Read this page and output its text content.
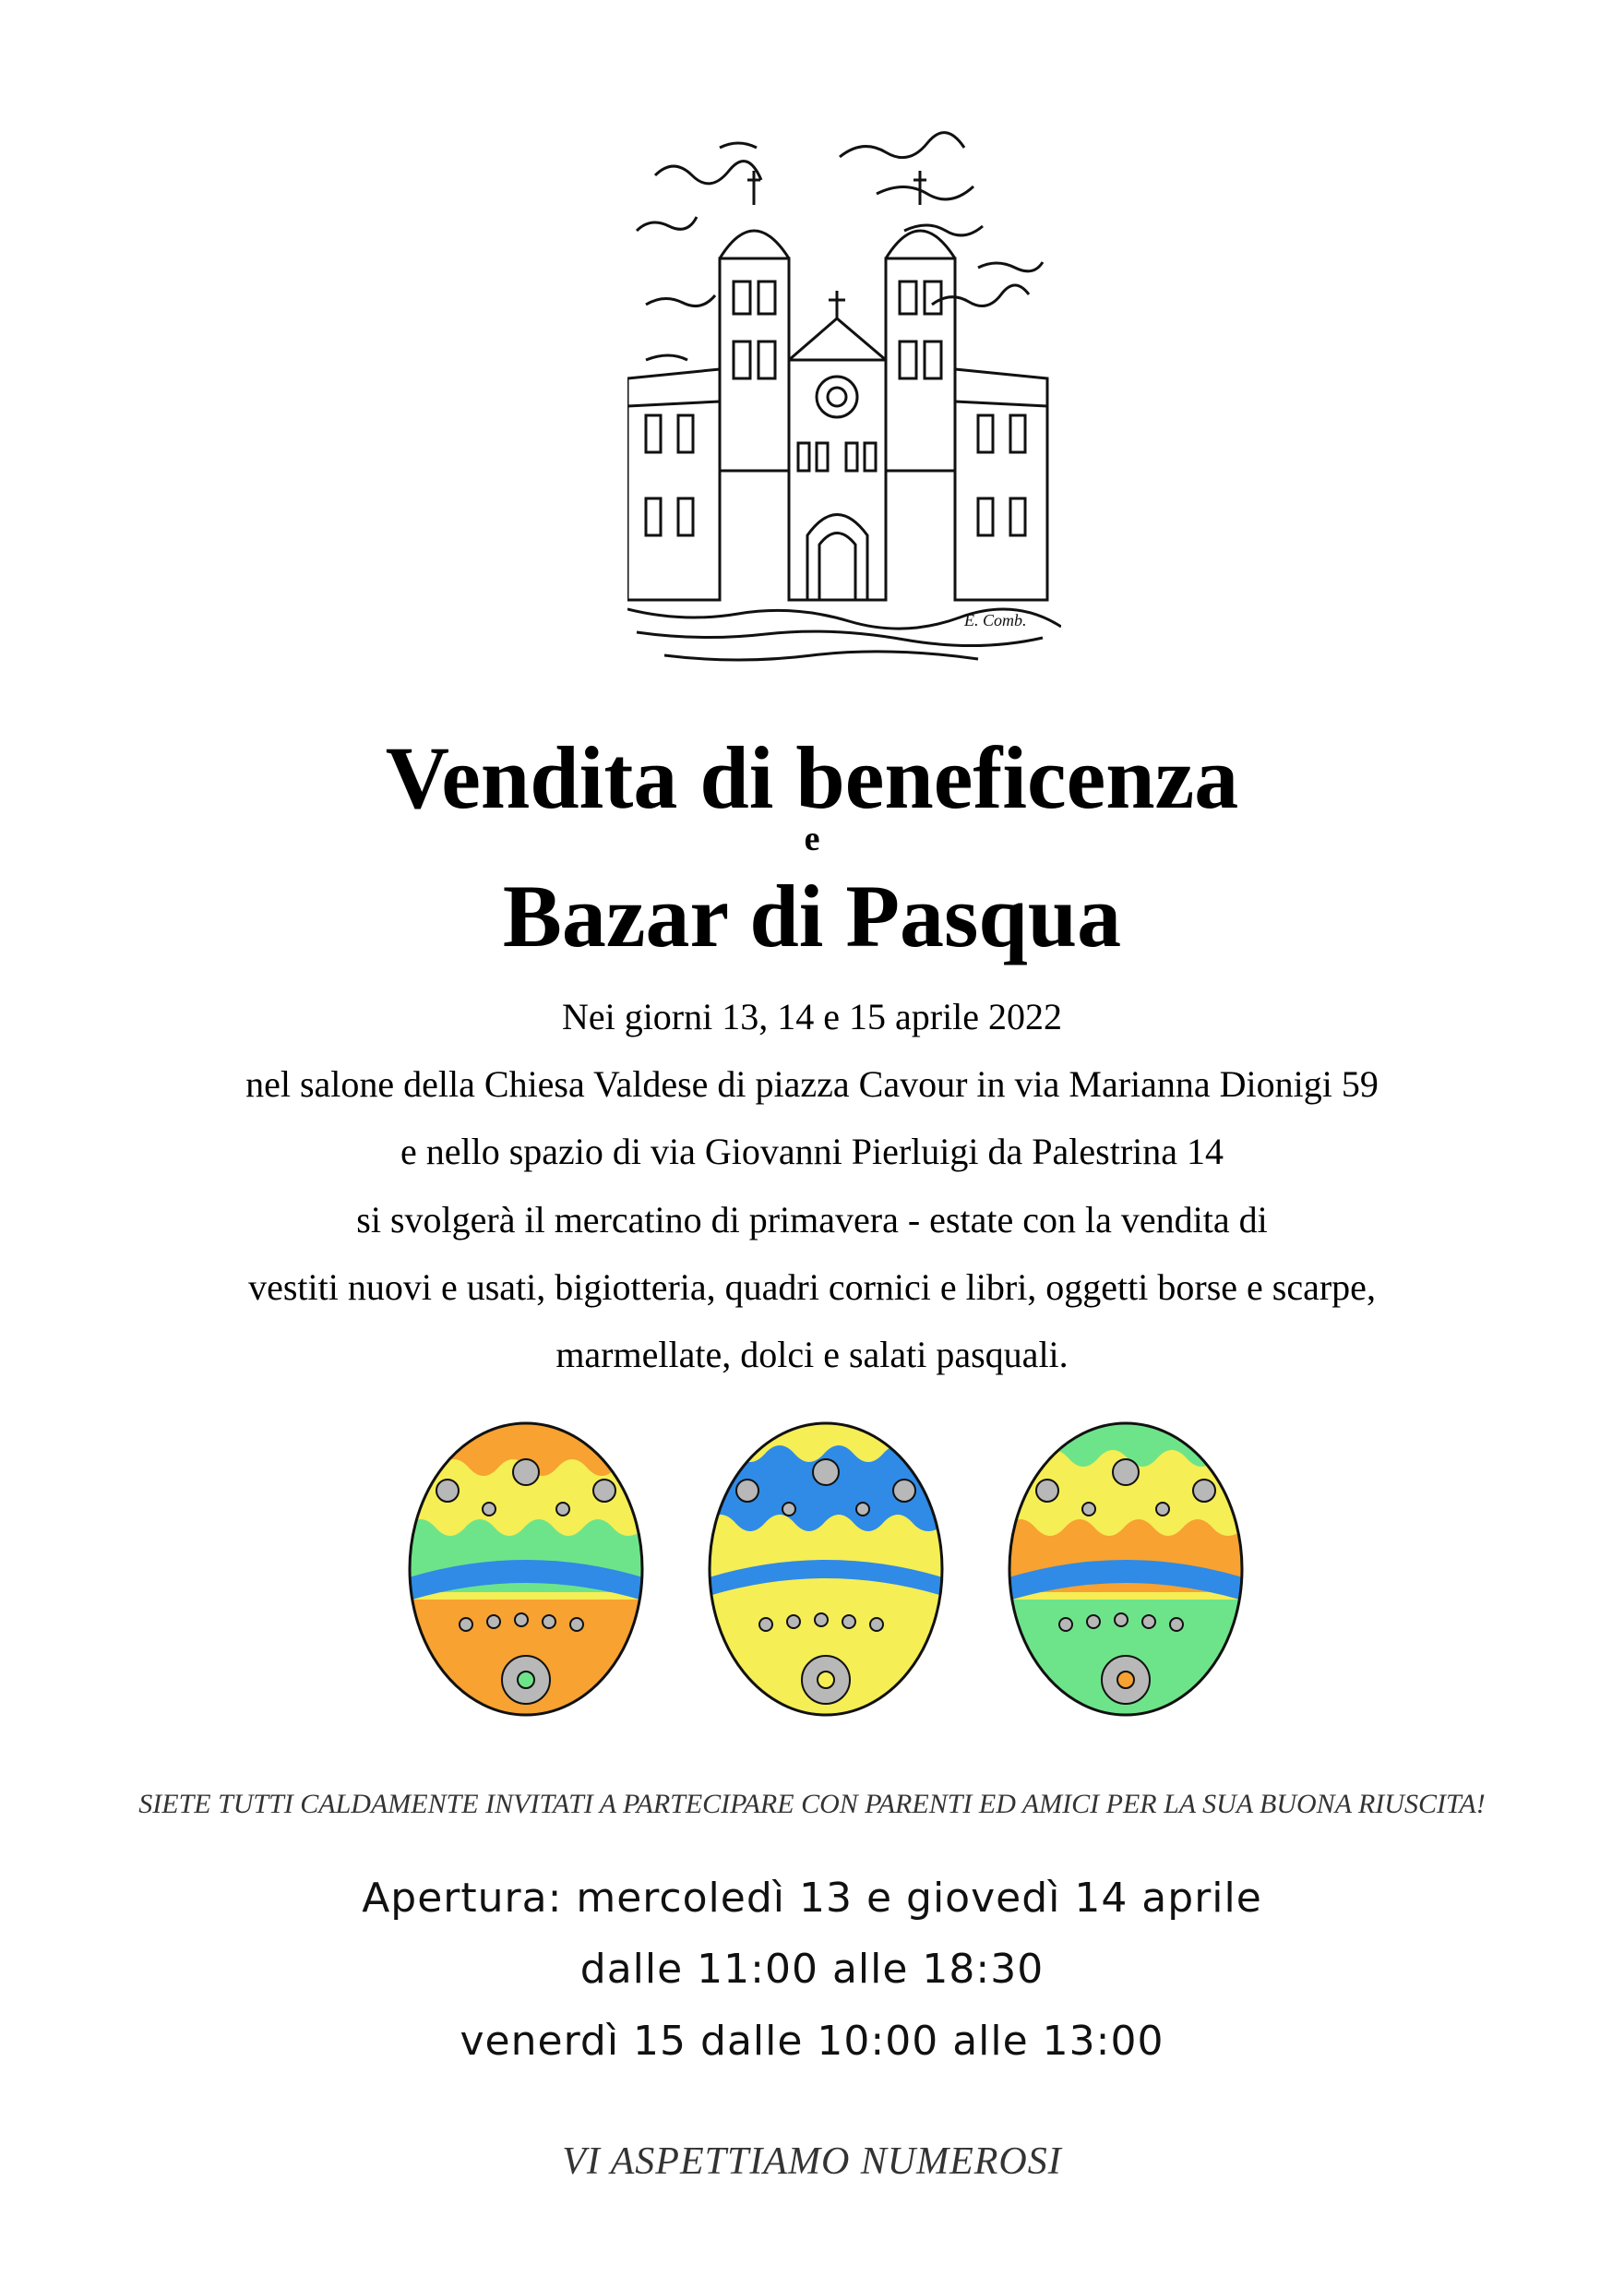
E. Comb.
Vendita di beneficenza
e
Bazar di Pasqua
Nei giorni 13, 14 e 15 aprile 2022
nel salone della Chiesa Valdese di piazza Cavour in via Marianna Dionigi 59
e nello spazio di via Giovanni Pierluigi da Palestrina 14
si svolgerà il mercatino di primavera - estate con la vendita di
vestiti nuovi e usati, bigiotteria, quadri cornici e libri, oggetti borse e scarpe,
marmellate, dolci e salati pasquali.
SIETE TUTTI CALDAMENTE INVITATI A PARTECIPARE CON PARENTI ED AMICI PER LA SUA BUONA RIUSCITA!
Apertura: mercoledì 13 e giovedì 14 aprile
dalle 11:00 alle 18:30
venerdì 15 dalle 10:00 alle 13:00
VI ASPETTIAMO NUMEROSI
